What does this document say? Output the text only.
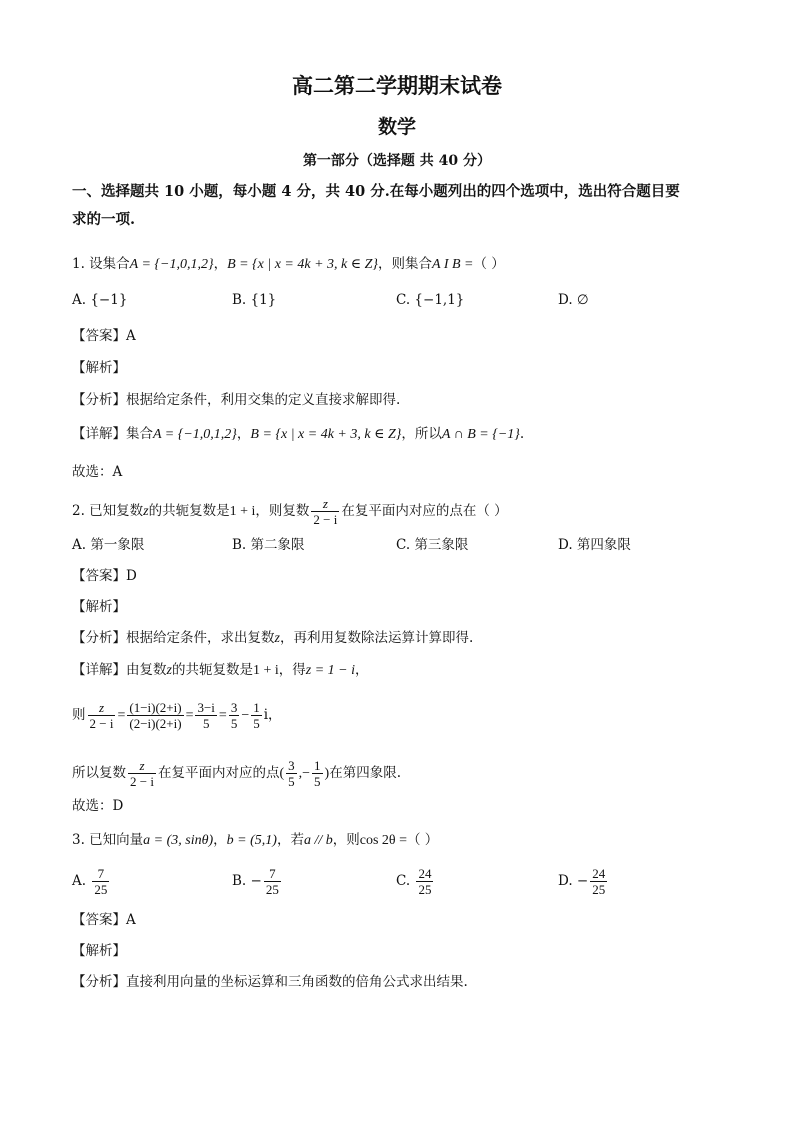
高二第二学期期末试卷
数学
第一部分（选择题 共 40 分）
一、选择题共 10 小题，每小题 4 分，共 40 分.在每小题列出的四个选项中，选出符合题目要
求的一项.
1. 设集合A = {−1,0,1,2}，B = {x | x = 4k + 3, k ∈ Z}，则集合A I B =（ ）
A. {−1}	B. {1}	C. {−1,1}	D. ∅
【答案】A
【解析】
【分析】根据给定条件，利用交集的定义直接求解即得.
【详解】集合A = {−1,0,1,2}，B = {x | x = 4k + 3, k ∈ Z}，所以A ∩ B = {−1}.
故选：A
2. 已知复数z的共轭复数是1 + i，则复数 $\frac{z}{2 - i}$ 在复平面内对应的点在（ ）
A. 第一象限	B. 第二象限	C. 第三象限	D. 第四象限
【答案】D
【解析】
【分析】根据给定条件，求出复数z，再利用复数除法运算计算即得.
【详解】由复数z的共轭复数是1 + i，得z = 1 − i，
则 $\frac{z}{2 - i} = \frac{(1-i)(2+i)}{(2-i)(2+i)} = \frac{3-i}{5} = \frac{3}{5} - \frac{1}{5}$ i，
所以复数 $\frac{z}{2 - i}$ 在复平面内对应的点( $\frac{3}{5}$ ,− $\frac{1}{5}$ )在第四象限.
故选：D
3. 已知向量a = (3, sinθ)，b = (5,1)，若a // b，则cos 2θ =（ ）
A. $\frac{7}{25}$	B. − $\frac{7}{25}$	C. $\frac{24}{25}$	D. − $\frac{24}{25}$
【答案】A
【解析】
【分析】直接利用向量的坐标运算和三角函数的倍角公式求出结果.
